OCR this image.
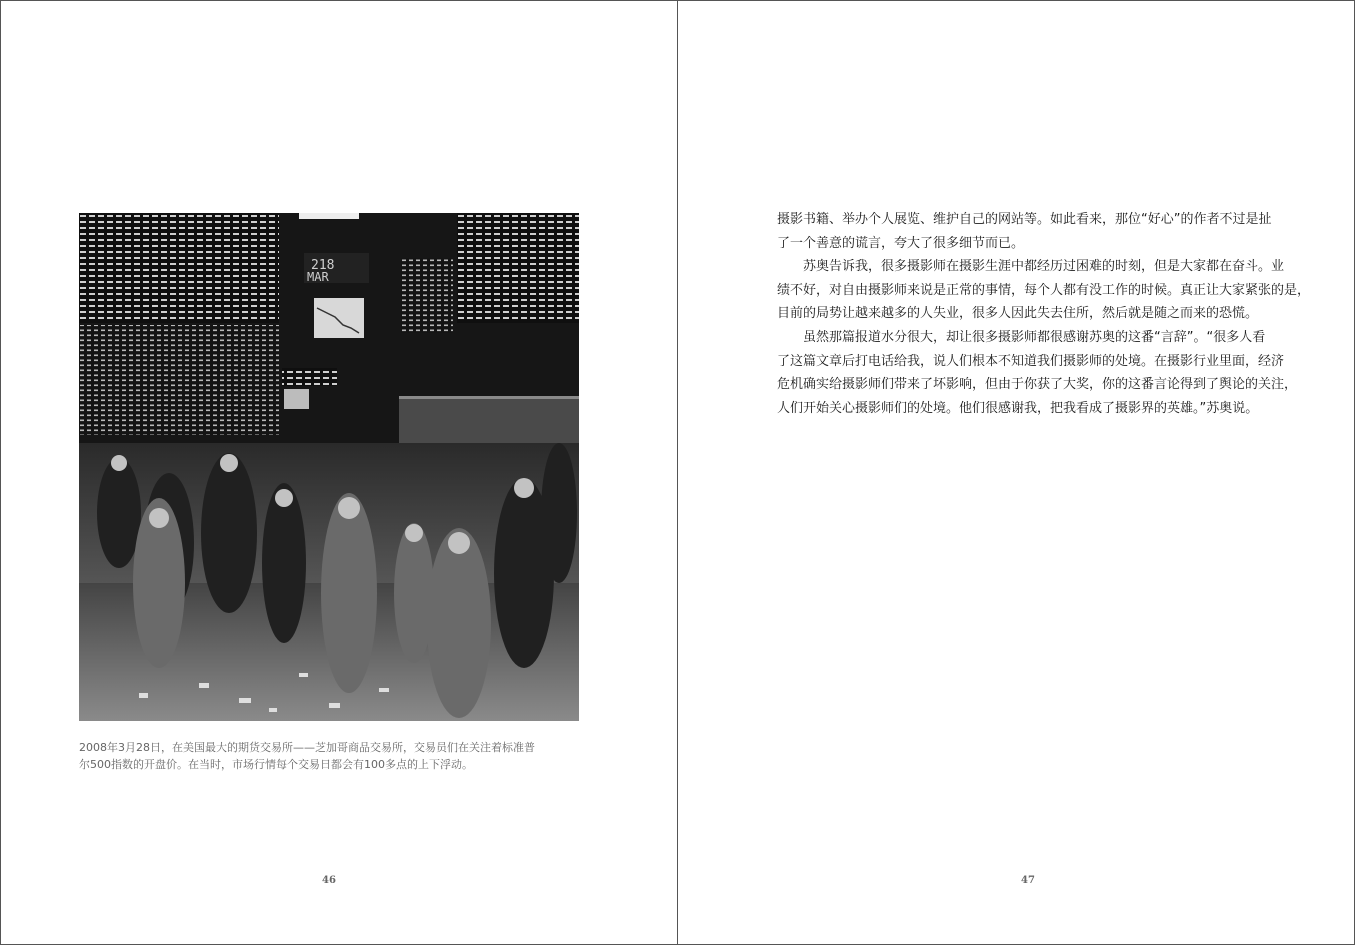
218
MAR

2008年3月28日，在美国最大的期货交易所——芝加哥商品交易所，交易员们在关注着标准普
尔500指数的开盘价。在当时，市场行情每个交易日都会有100多点的上下浮动。

46
摄影书籍、举办个人展览、维护自己的网站等。如此看来，那位“好心”的作者不过是扯
了一个善意的谎言，夸大了很多细节而已。
苏奥告诉我，很多摄影师在摄影生涯中都经历过困难的时刻，但是大家都在奋斗。业
绩不好，对自由摄影师来说是正常的事情，每个人都有没工作的时候。真正让大家紧张的是，
目前的局势让越来越多的人失业，很多人因此失去住所，然后就是随之而来的恐慌。
虽然那篇报道水分很大，却让很多摄影师都很感谢苏奥的这番“言辞”。“很多人看
了这篇文章后打电话给我，说人们根本不知道我们摄影师的处境。在摄影行业里面，经济
危机确实给摄影师们带来了坏影响，但由于你获了大奖，你的这番言论得到了舆论的关注，
人们开始关心摄影师们的处境。他们很感谢我，把我看成了摄影界的英雄。”苏奥说。
47
